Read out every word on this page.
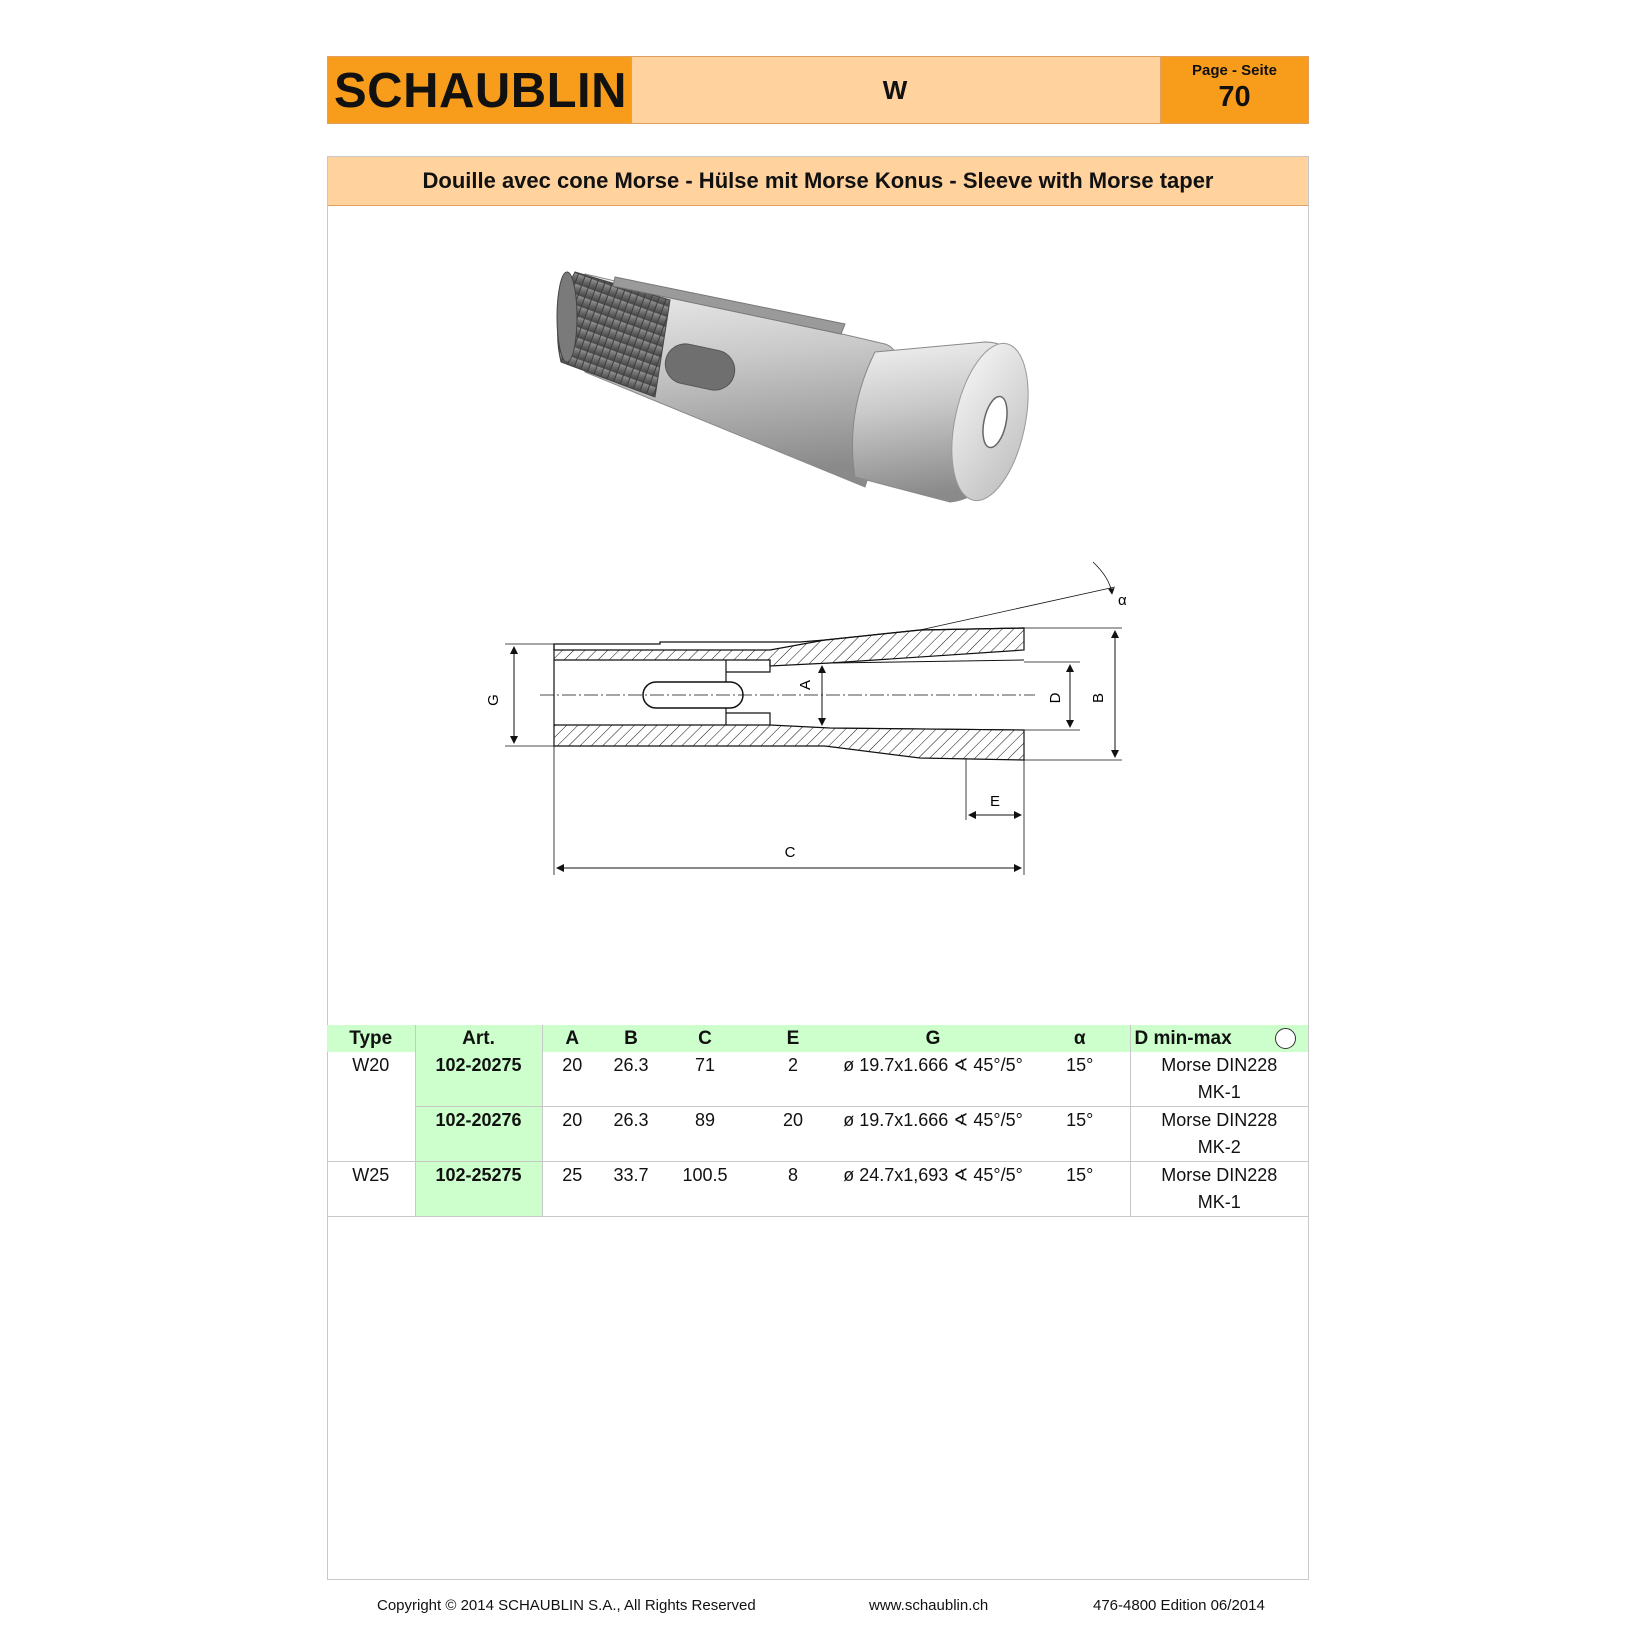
SCHAUBLIN	W
Page - Seite
70
Douille avec cone Morse - Hülse mit Morse Konus - Sleeve with Morse taper
G
A
D B
α
E
C
Type	Art.	A	B	C	E	G	α	D min-max
W20	102-20275	20	26.3	71	2	ø 19.7x1.666 ∢ 45°/5°	15°	Morse DIN228
MK-1

	102-20276	20	26.3	89	20	ø 19.7x1.666 ∢ 45°/5°	15°	Morse DIN228
MK-2

W25	102-25275	25	33.7	100.5	8	ø 24.7x1,693 ∢ 45°/5°	15°	Morse DIN228
MK-1
Copyright © 2014 SCHAUBLIN S.A., All Rights Reserved	www.schaublin.ch	476-4800 Edition 06/2014
